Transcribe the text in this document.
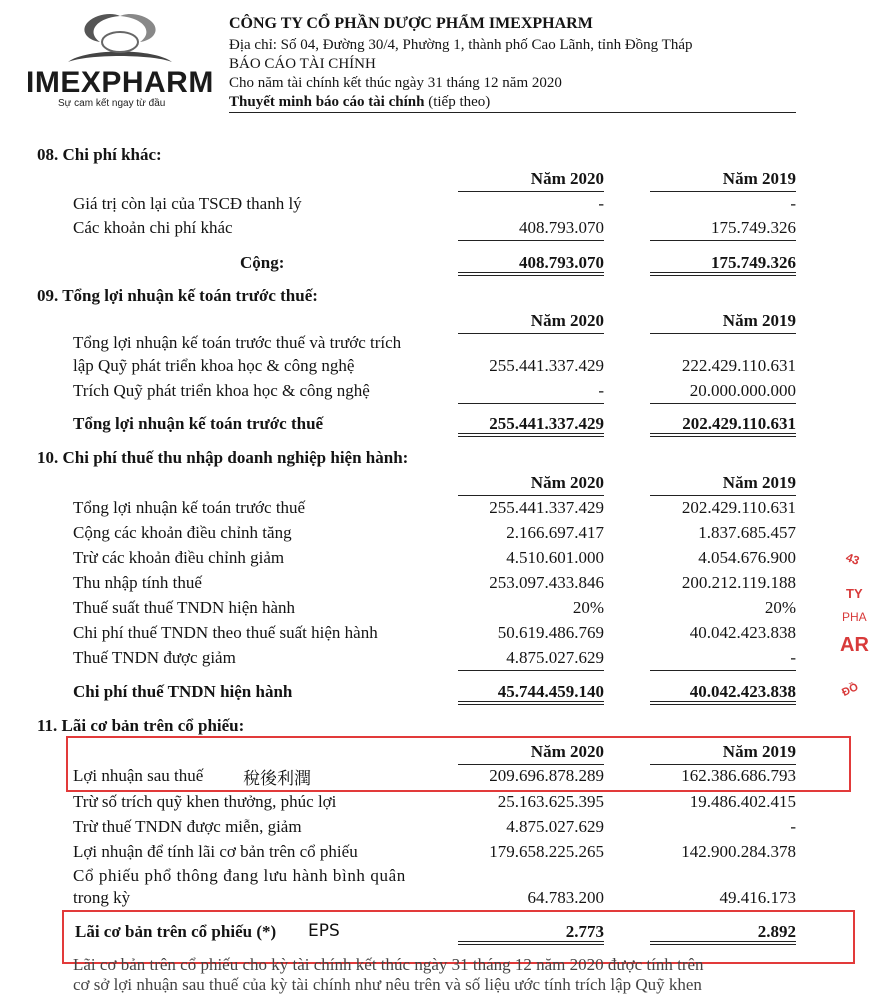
IMEXPHARM
Sự cam kết ngay từ đầu
CÔNG TY CỔ PHẦN DƯỢC PHẨM IMEXPHARM
Địa chỉ: Số 04, Đường 30/4, Phường 1, thành phố Cao Lãnh, tỉnh Đồng Tháp
BÁO CÁO TÀI CHÍNH
Cho năm tài chính kết thúc ngày 31 tháng 12 năm 2020
Thuyết minh báo cáo tài chính (tiếp theo)
08. Chi phí khác:
Năm 2020	Năm 2019
Giá trị còn lại của TSCĐ thanh lý	-	-
Các khoản chi phí khác	408.793.070	175.749.326
Cộng:	408.793.070	175.749.326
09. Tổng lợi nhuận kế toán trước thuế:
Năm 2020	Năm 2019
Tổng lợi nhuận kế toán trước thuế và trước trích
lập Quỹ phát triển khoa học & công nghệ	255.441.337.429	222.429.110.631
Trích Quỹ phát triển khoa học & công nghệ	-	20.000.000.000
Tổng lợi nhuận kế toán trước thuế	255.441.337.429	202.429.110.631
10. Chi phí thuế thu nhập doanh nghiệp hiện hành:
Năm 2020	Năm 2019
Tổng lợi nhuận kế toán trước thuế	255.441.337.429	202.429.110.631
Cộng các khoản điều chỉnh tăng	2.166.697.417	1.837.685.457
Trừ các khoản điều chỉnh giảm	4.510.601.000	4.054.676.900
Thu nhập tính thuế	253.097.433.846	200.212.119.188
Thuế suất thuế TNDN hiện hành	20%	20%
Chi phí thuế TNDN theo thuế suất hiện hành	50.619.486.769	40.042.423.838
Thuế TNDN được giảm	4.875.027.629	-
Chi phí thuế TNDN hiện hành	45.744.459.140	40.042.423.838
11. Lãi cơ bản trên cổ phiếu:
Năm 2020	Năm 2019
Lợi nhuận sau thuế 稅後利潤	209.696.878.289	162.386.686.793
Trừ số trích quỹ khen thưởng, phúc lợi	25.163.625.395	19.486.402.415
Trừ thuế TNDN được miễn, giảm	4.875.027.629	-
Lợi nhuận để tính lãi cơ bản trên cổ phiếu	179.658.225.265	142.900.284.378
Cổ phiếu phổ thông đang lưu hành bình quân
trong kỳ	64.783.200	49.416.173
Lãi cơ bản trên cổ phiếu (*) EPS	2.773	2.892
Lãi cơ bản trên cổ phiếu cho kỳ tài chính kết thúc ngày 31 tháng 12 năm 2020 được tính trên
cơ sở lợi nhuận sau thuế của kỳ tài chính như nêu trên và số liệu ước tính trích lập Quỹ khen
43
TY
PHA
AR
ĐỒ
